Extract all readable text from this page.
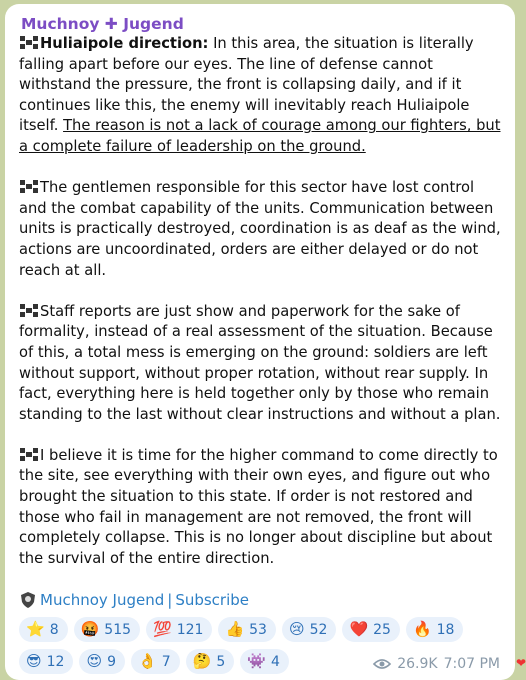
Muchnoy ✚ Jugend

Huliaipole direction: In this area, the situation is literally falling apart before our eyes. The line of defense cannot withstand the pressure, the front is collapsing daily, and if it continues like this, the enemy will inevitably reach Huliaipole itself. The reason is not a lack of courage among our fighters, but a complete failure of leadership on the ground.

The gentlemen responsible for this sector have lost control and the combat capability of the units. Communication between units is practically destroyed, coordination is as deaf as the wind, actions are uncoordinated, orders are either delayed or do not reach at all.

Staff reports are just show and paperwork for the sake of formality, instead of a real assessment of the situation. Because of this, a total mess is emerging on the ground: soldiers are left without support, without proper rotation, without rear supply. In fact, everything here is held together only by those who remain standing to the last without clear instructions and without a plan.

I believe it is time for the higher command to come directly to the site, see everything with their own eyes, and figure out who brought the situation to this state. If order is not restored and those who fail in management are not removed, the front will completely collapse. This is no longer about discipline but about the survival of the entire direction.

Muchnoy Jugend | Subscribe
⭐ 8 🤬 515 💯 121 👍 53 😢 52 ❤️ 25 🔥 18
😎 12 😍 9 👌 7 🤔 5 👾 4	26.9K 7:07 PM ❤
